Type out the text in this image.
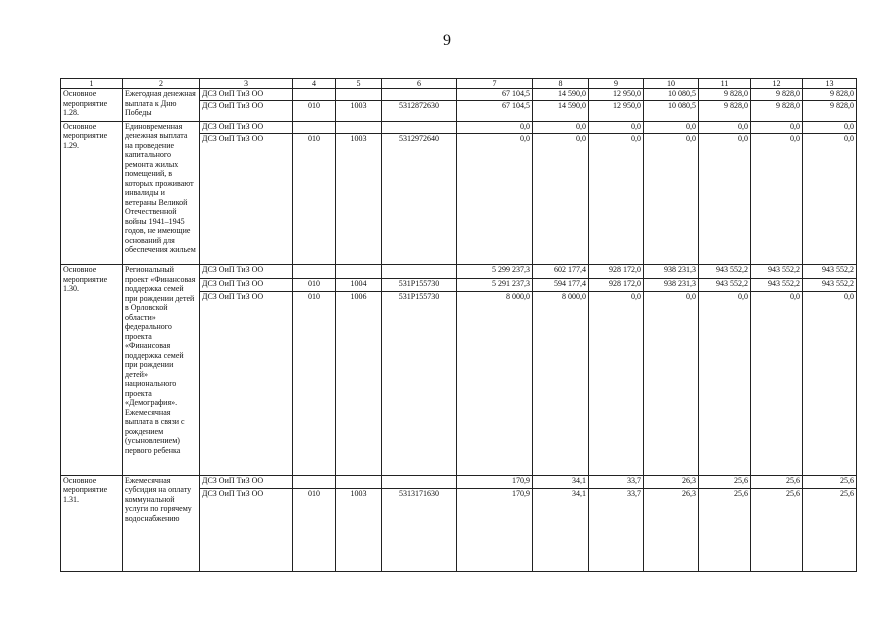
9
1	2	3	4	5	6	7	8	9	10	11	12	13
Основное мероприятие 1.28.	Ежегодная денежная выплата к Дню Победы	ДСЗ ОиП ТиЗ ОО				67 104,5	14 590,0	12 950,0	10 080,5	9 828,0	9 828,0	9 828,0
		ДСЗ ОиП ТиЗ ОО	010	1003	5312872630	67 104,5	14 590,0	12 950,0	10 080,5	9 828,0	9 828,0	9 828,0
Основное мероприятие 1.29.	Единовременная денежная выплата на проведение капитального ремонта жилых помещений, в которых проживают инвалиды и ветераны Великой Отечественной войны 1941–1945 годов, не имеющие оснований для обеспечения жильем	ДСЗ ОиП ТиЗ ОО				0,0	0,0	0,0	0,0	0,0	0,0	0,0
		ДСЗ ОиП ТиЗ ОО	010	1003	5312972640	0,0	0,0	0,0	0,0	0,0	0,0	0,0
Основное мероприятие 1.30.	Региональный проект «Финансовая поддержка семей при рождении детей в Орловской области» федерального проекта «Финансовая поддержка семей при рождении детей» национального проекта «Демография». Ежемесячная выплата в связи с рождением (усыновлением) первого ребенка	ДСЗ ОиП ТиЗ ОО				5 299 237,3	602 177,4	928 172,0	938 231,3	943 552,2	943 552,2	943 552,2
		ДСЗ ОиП ТиЗ ОО	010	1004	531P155730	5 291 237,3	594 177,4	928 172,0	938 231,3	943 552,2	943 552,2	943 552,2
		ДСЗ ОиП ТиЗ ОО	010	1006	531P155730	8 000,0	8 000,0	0,0	0,0	0,0	0,0	0,0
Основное мероприятие 1.31.	Ежемесячная субсидия на оплату коммунальной услуги по горячему водоснабжению	ДСЗ ОиП ТиЗ ОО				170,9	34,1	33,7	26,3	25,6	25,6	25,6
		ДСЗ ОиП ТиЗ ОО	010	1003	5313171630	170,9	34,1	33,7	26,3	25,6	25,6	25,6
